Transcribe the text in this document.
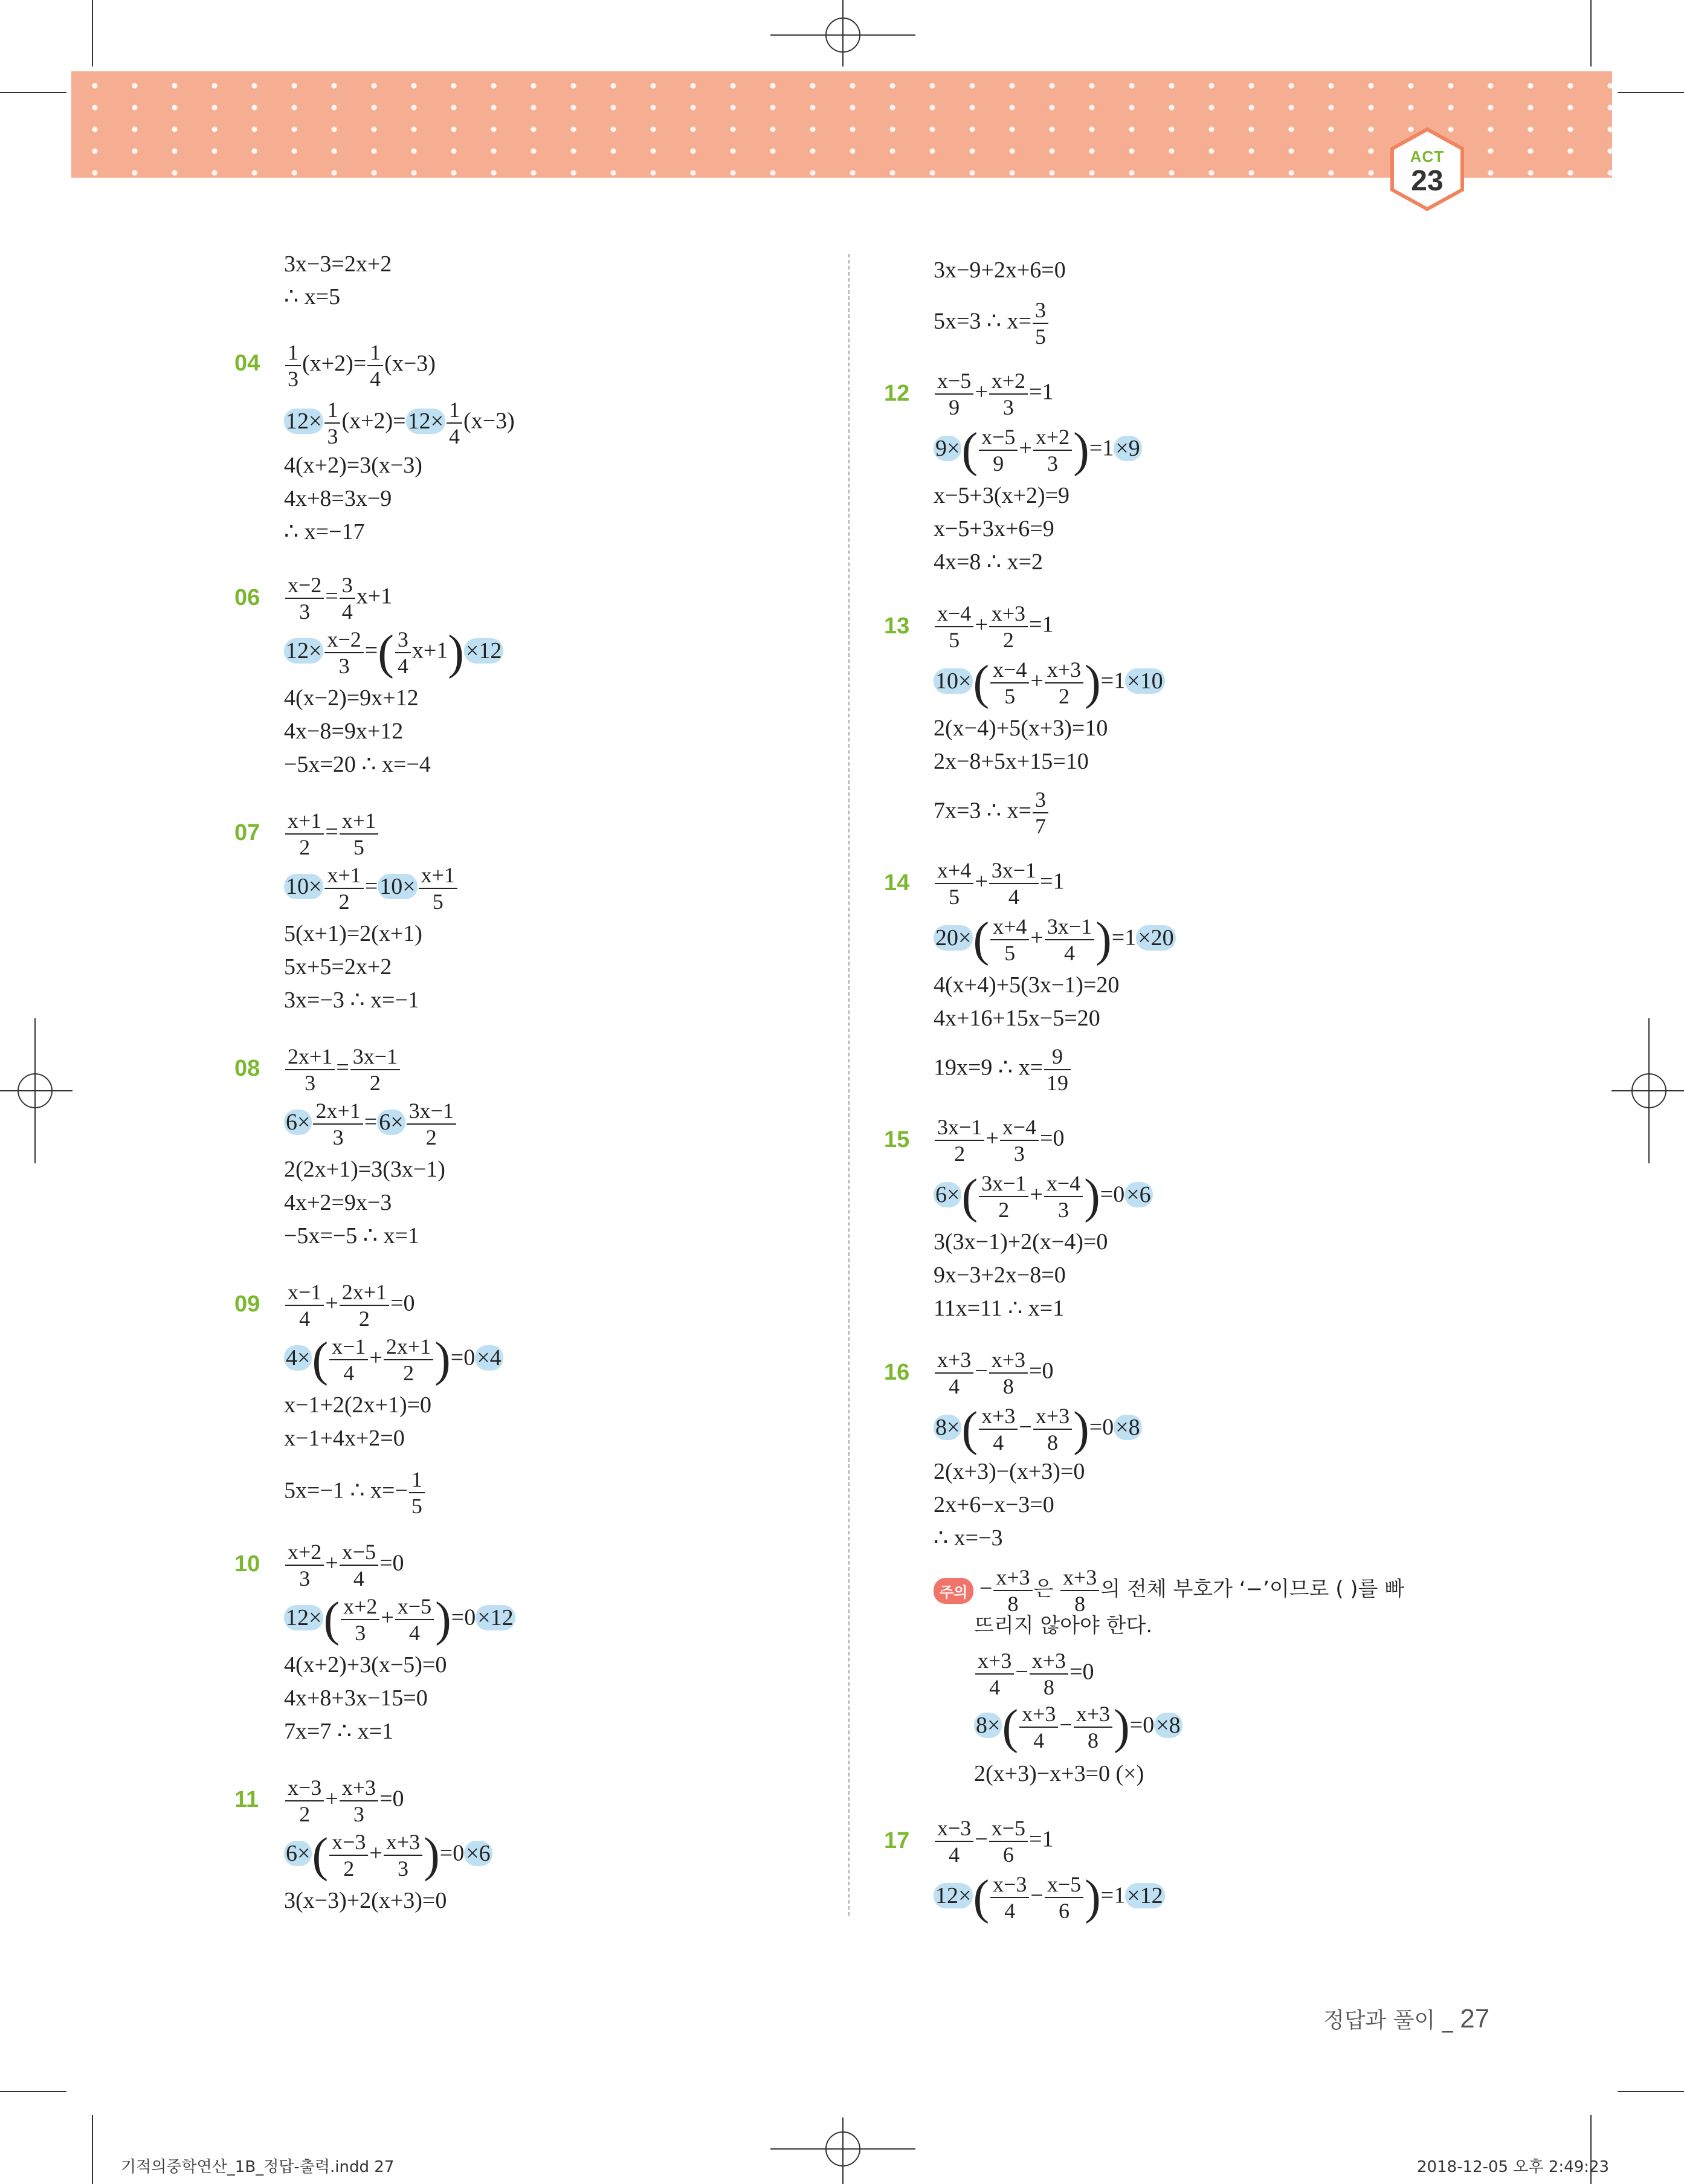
ACT
23
3x−3=2x+2
∴ x=5
$04 \frac{1}{3} (x+2)= \frac{1}{4} (x-3)$
$12\times \frac{1}{3} (x+2)=12\times \frac{1}{4} (x-3)$
4(x+2)=3(x−3)
4x+8=3x−9
∴ x=−17
$06 \frac{x-2}{3} = \frac{3}{4} x+1$
$12\times \frac{x-2}{3}$ =( $\frac{3}{4} x+1)\times 12$
4(x−2)=9x+12
4x−8=9x+12
−5x=20 ∴ x=−4
$07 \frac{x+1}{2} = \frac{x+1}{5}$
$10\times \frac{x+1}{2} =10\times \frac{x+1}{5}$
5(x+1)=2(x+1)
5x+5=2x+2
3x=−3 ∴ x=−1
$08 \frac{2x+1}{3} = \frac{3x-1}{2}$
$6\times \frac{2x+1}{3} =6\times \frac{3x-1}{2}$
2(2x+1)=3(3x−1)
4x+2=9x−3
−5x=−5 ∴ x=1
$09 \frac{x-1}{4} + \frac{2x+1}{2} =0$
$4\times( \frac{x-1}{4} + \frac{2x+1}{2} )=0\times 4$
x−1+2(2x+1)=0
x−1+4x+2=0
5x=−1 ∴ $x=- \frac{1}{5}$
$10 \frac{x+2}{3} + \frac{x-5}{4} =0$
$12\times( \frac{x+2}{3} + \frac{x-5}{4} )=0\times 12$
4(x+2)+3(x−5)=0
4x+8+3x−15=0
7x=7 ∴ x=1
$11 \frac{x-3}{2} + \frac{x+3}{3} =0$
$6\times( \frac{x-3}{2} + \frac{x+3}{3} )=0\times 6$
3(x−3)+2(x+3)=0
3x−9+2x+6=0
5x=3 ∴ $x= \frac{3}{5}$
$12 \frac{x-5}{9} + \frac{x+2}{3} =1$
$9\times( \frac{x-5}{9} + \frac{x+2}{3} )=1\times 9$
x−5+3(x+2)=9
x−5+3x+6=9
4x=8 ∴ x=2
$13 \frac{x-4}{5} + \frac{x+3}{2} =1$
$10\times( \frac{x-4}{5} + \frac{x+3}{2} )=1\times 10$
2(x−4)+5(x+3)=10
2x−8+5x+15=10
7x=3 ∴ $x= \frac{3}{7}$
$14 \frac{x+4}{5} + \frac{3x-1}{4} =1$
$20\times( \frac{x+4}{5} + \frac{3x-1}{4} )=1\times 20$
4(x+4)+5(3x−1)=20
4x+16+15x−5=20
19x=9 ∴ $x= \frac{9}{19}$
$15 \frac{3x-1}{2} + \frac{x-4}{3} =0$
$6\times( \frac{3x-1}{2} + \frac{x-4}{3} )=0\times 6$
3(3x−1)+2(x−4)=0
9x−3+2x−8=0
11x=11 ∴ x=1
$16 \frac{x+3}{4} - \frac{x+3}{8} =0$
$8\times( \frac{x+3}{4} - \frac{x+3}{8} )=0\times 8$
2(x+3)−(x+3)=0
2x+6−x−3=0
∴ x=−3
주의 − $\frac{x+3}{8}$ 은 $\frac{x+3}{8}$ 의 전체 부호가 ‘−’이므로 ( )를 빠
뜨리지 않아야 한다.
$\frac{x+3}{4} - \frac{x+3}{8} =0$
$8\times( \frac{x+3}{4} - \frac{x+3}{8} )=0\times 8$
2(x+3)−x+3=0 (×)
$17 \frac{x-3}{4} - \frac{x-5}{6} =1$
$12\times( \frac{x-3}{4} - \frac{x-5}{6} )=1\times 12$
정답과 풀이 _ 27
기적의중학연산_1B_정답-출력.indd 27	2018-12-05 오후 2:49:23
